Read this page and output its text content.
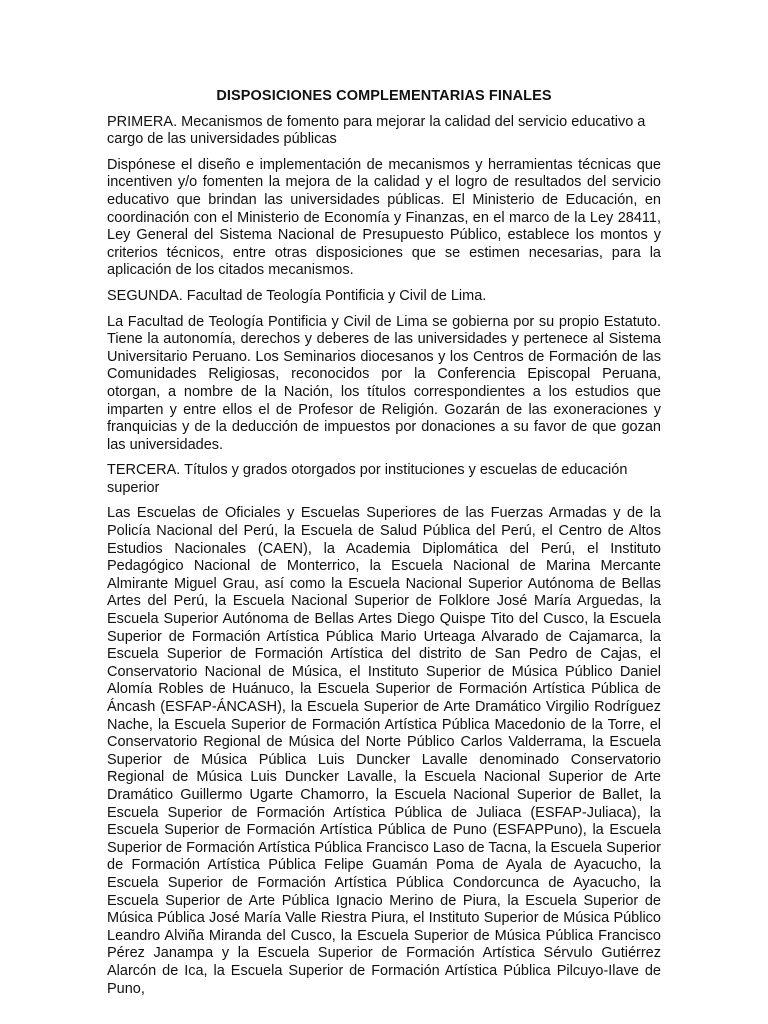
DISPOSICIONES COMPLEMENTARIAS FINALES
PRIMERA. Mecanismos de fomento para mejorar la calidad del servicio educativo a cargo de las universidades públicas
Dispónese el diseño e implementación de mecanismos y herramientas técnicas que incentiven y/o fomenten la mejora de la calidad y el logro de resultados del servicio educativo que brindan las universidades públicas. El Ministerio de Educación, en coordinación con el Ministerio de Economía y Finanzas, en el marco de la Ley 28411, Ley General del Sistema Nacional de Presupuesto Público, establece los montos y criterios técnicos, entre otras disposiciones que se estimen necesarias, para la aplicación de los citados mecanismos.
SEGUNDA. Facultad de Teología Pontificia y Civil de Lima.
La Facultad de Teología Pontificia y Civil de Lima se gobierna por su propio Estatuto. Tiene la autonomía, derechos y deberes de las universidades y pertenece al Sistema Universitario Peruano. Los Seminarios diocesanos y los Centros de Formación de las Comunidades Religiosas, reconocidos por la Conferencia Episcopal Peruana, otorgan, a nombre de la Nación, los títulos correspondientes a los estudios que imparten y entre ellos el de Profesor de Religión. Gozarán de las exoneraciones y franquicias y de la deducción de impuestos por donaciones a su favor de que gozan las universidades.
TERCERA. Títulos y grados otorgados por instituciones y escuelas de educación superior
Las Escuelas de Oficiales y Escuelas Superiores de las Fuerzas Armadas y de la Policía Nacional del Perú, la Escuela de Salud Pública del Perú, el Centro de Altos Estudios Nacionales (CAEN), la Academia Diplomática del Perú, el Instituto Pedagógico Nacional de Monterrico, la Escuela Nacional de Marina Mercante Almirante Miguel Grau, así como la Escuela Nacional Superior Autónoma de Bellas Artes del Perú, la Escuela Nacional Superior de Folklore José María Arguedas, la Escuela Superior Autónoma de Bellas Artes Diego Quispe Tito del Cusco, la Escuela Superior de Formación Artística Pública Mario Urteaga Alvarado de Cajamarca, la Escuela Superior de Formación Artística del distrito de San Pedro de Cajas, el Conservatorio Nacional de Música, el Instituto Superior de Música Público Daniel Alomía Robles de Huánuco, la Escuela Superior de Formación Artística Pública de Áncash (ESFAP-ÁNCASH), la Escuela Superior de Arte Dramático Virgilio Rodríguez Nache, la Escuela Superior de Formación Artística Pública Macedonio de la Torre, el Conservatorio Regional de Música del Norte Público Carlos Valderrama, la Escuela Superior de Música Pública Luis Duncker Lavalle denominado Conservatorio Regional de Música Luis Duncker Lavalle, la Escuela Nacional Superior de Arte Dramático Guillermo Ugarte Chamorro, la Escuela Nacional Superior de Ballet, la Escuela Superior de Formación Artística Pública de Juliaca (ESFAP-Juliaca), la Escuela Superior de Formación Artística Pública de Puno (ESFAPPuno), la Escuela Superior de Formación Artística Pública Francisco Laso de Tacna, la Escuela Superior de Formación Artística Pública Felipe Guamán Poma de Ayala de Ayacucho, la Escuela Superior de Formación Artística Pública Condorcunca de Ayacucho, la Escuela Superior de Arte Pública Ignacio Merino de Piura, la Escuela Superior de Música Pública José María Valle Riestra Piura, el Instituto Superior de Música Público Leandro Alviña Miranda del Cusco, la Escuela Superior de Música Pública Francisco Pérez Janampa y la Escuela Superior de Formación Artística Sérvulo Gutiérrez Alarcón de Ica, la Escuela Superior de Formación Artística Pública Pilcuyo-Ilave de Puno,
